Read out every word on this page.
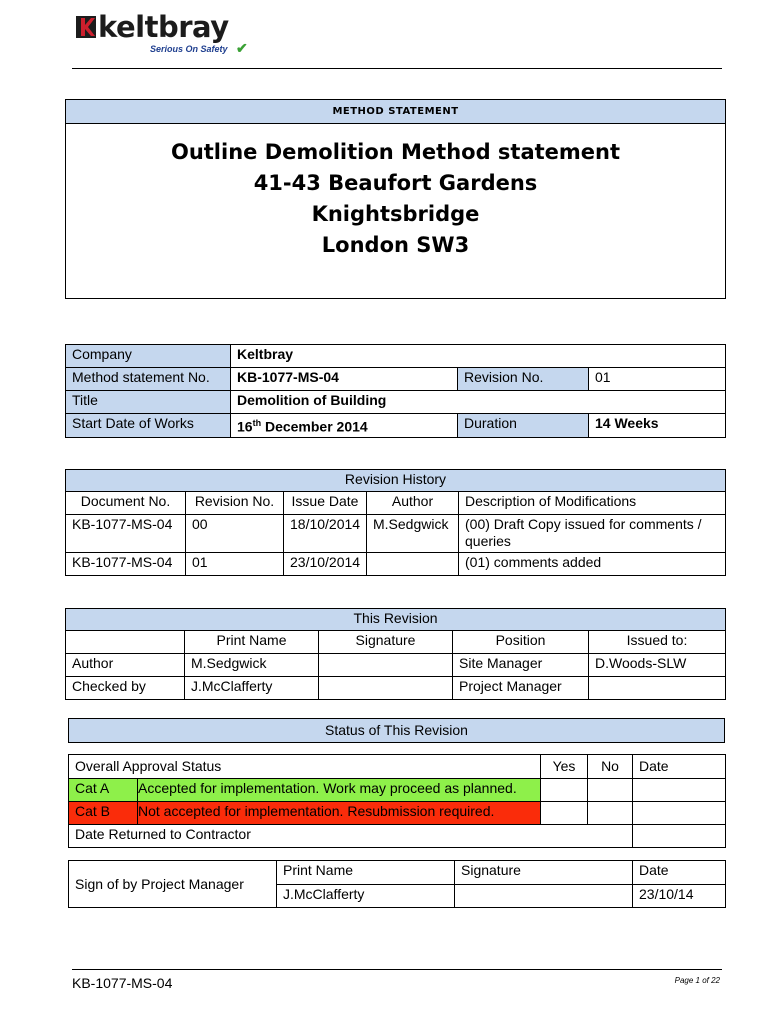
keltbray
Serious On Safety ✔
METHOD STATEMENT
Outline Demolition Method statement
41-43 Beaufort Gardens
Knightsbridge
London SW3
Company	Keltbray		
Method statement No.	KB-1077-MS-04	Revision No.	01
Title	Demolition of Building		
Start Date of Works	16th December 2014	Duration	14 Weeks
Revision History				
Document No.	Revision No.	Issue Date	Author	Description of Modifications
KB-1077-MS-04	00	18/10/2014	M.Sedgwick	(00) Draft Copy issued for comments / queries
KB-1077-MS-04	01	23/10/2014		(01) comments added
This Revision				
	Print Name	Signature	Position	Issued to:
Author	M.Sedgwick		Site Manager	D.Woods-SLW
Checked by	J.McClafferty		Project Manager	
Status of This Revision
Overall Approval Status		Yes	No	Date
Cat A	Accepted for implementation. Work may proceed as planned.			
Cat B	Not accepted for implementation. Resubmission required.			
Date Returned to Contractor				
Sign of by Project Manager	Print Name	Signature	Date
	J.McClafferty		23/10/14
KB-1077-MS-04	Page 1 of 22
